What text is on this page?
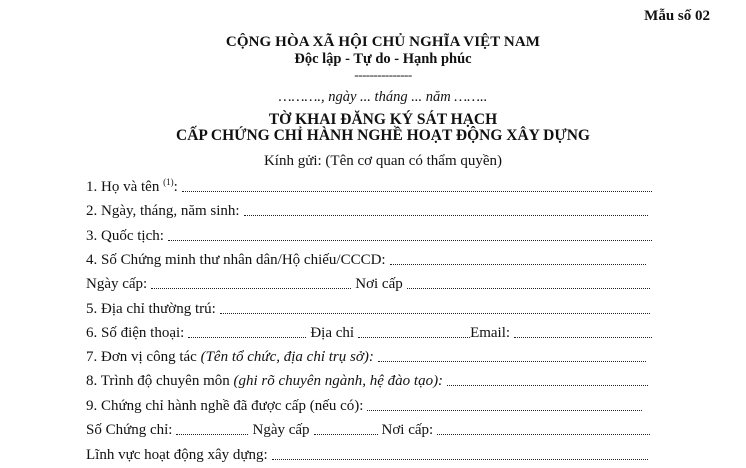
Mẫu số 02
CỘNG HÒA XÃ HỘI CHỦ NGHĨA VIỆT NAM
Độc lập - Tự do - Hạnh phúc
---------------
………., ngày ... tháng ... năm ……..
TỜ KHAI ĐĂNG KÝ SÁT HẠCH
CẤP CHỨNG CHỈ HÀNH NGHỀ HOẠT ĐỘNG XÂY DỰNG
Kính gửi: (Tên cơ quan có thẩm quyền)
1. Họ và tên $^{(1)}$:
2. Ngày, tháng, năm sinh:
3. Quốc tịch:
4. Số Chứng minh thư nhân dân/Hộ chiếu/CCCD:
Ngày cấp:	Nơi cấp
5. Địa chỉ thường trú:
6. Số điện thoại:	Địa chỉ	Email:
7. Đơn vị công tác (Tên tổ chức, địa chỉ trụ sở):
8. Trình độ chuyên môn (ghi rõ chuyên ngành, hệ đào tạo):
9. Chứng chỉ hành nghề đã được cấp (nếu có):
Số Chứng chỉ:	Ngày cấp	Nơi cấp:
Lĩnh vực hoạt động xây dựng:
